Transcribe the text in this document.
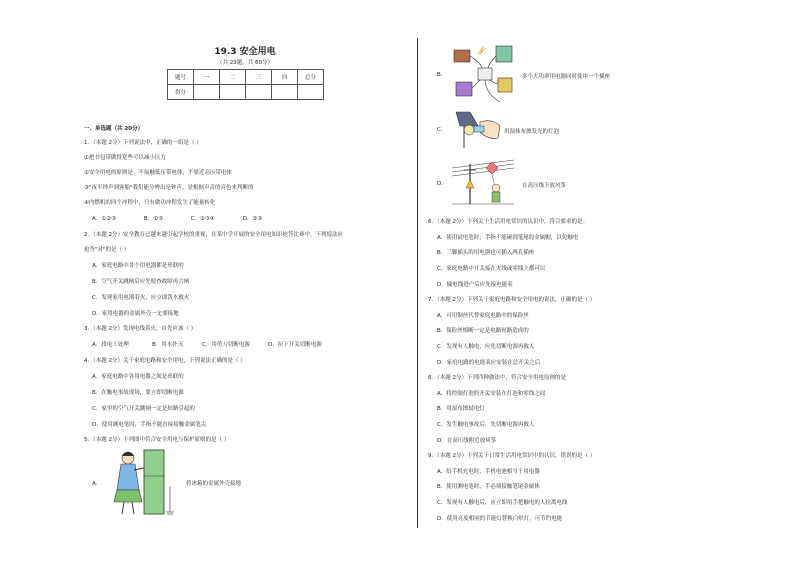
19.3 安全用电
（共 23题，共 60分）
题号	一	二	三	四	总分
得分					
一、单选题（共 20分）
1．（本题 2分）下列说法中，正确的一组是（ ）
①把书包带做得宽些可以减小压力
②安全用电的原则是：不接触低压带电体，不靠近高压带电体
③"夜半钟声到客船"我们能分辨出是钟声，是根据声音的音色来判断的
④内燃机的四个冲程中，只有做功冲程发生了能量转化
A．①②③	B．①③	C．②③④	D．②③
2．（本题 2分）安全教育已越来越引起学校的重视，在某中学开展的安全用电知识抢答比赛中，下列说法应
抢答"对"的是（ ）
A．家庭电路中各个用电器都是串联的
B．空气开关跳闸后应先检查故障再合闸
C．发现家用电器着火，应立即泼水救火
D．家用电器的金属外壳一定要接地
3．（本题 2分）发现电线着火，首先应该（ ）
A．找电工处理	B．用水扑灭	C．用剪刀切断电源	D．拉下开关切断电源
4．（本题 2分）关于家庭电路和安全用电，下列说法正确的是（ ）
A．家庭电路中各用电器之间是串联的
B．在触电事故现场，要立即切断电源
C．家里的空气开关跳闸一定是短路引起的
D．使用测电笔时，手指不能直接接触金属笔尖
5．（本题 2分）下列图中符合安全用电与保护原则的是（ ）
A．	将冰箱的金属外壳接地
B．	多个大功率用电器同时使用一个插座
C．	用湿抹布擦发光的灯泡
D．	在高压线下放风筝
6．（本题 2分）下列关于生活用电常识的认识中，符合要求的是。
A．使用试电笔时，手指不能碰到笔尾的金属帽，以免触电
B．三脚插头的用电器也可插入两孔插座
C．家庭电路中开关接在火线或零线上都可以
D．输电线进户后应先接电能表
7．（本题 2分）下列关于家庭电路和安全用电的说法，正确的是（ ）
A．可用铜丝代替家庭电路中的保险丝
B．保险丝熔断一定是电路短路造成的
C．发现有人触电，应先切断电源再救人
D．家庭电路的电能表应安装在总开关之后
8．（本题 2分）下列四种做法中，符合安全用电原则的是
A．将控制灯泡的开关安装在灯泡和零线之间
B．用湿布擦拭电灯
C．发生触电事故后，先切断电源再救人
D．在高压线附近放风筝
9．（本题 2分）下列关于日常生活用电常识中的认识，错误的是（ ）
A．给手机充电时，手机电池相当于用电器
B．使用测电笔时，手必须接触笔尾金属体
C．发现有人触电后，应立即用手把触电的人拉离电线
D．使用亮度相同的节能灯替换白炽灯，可节约电能
